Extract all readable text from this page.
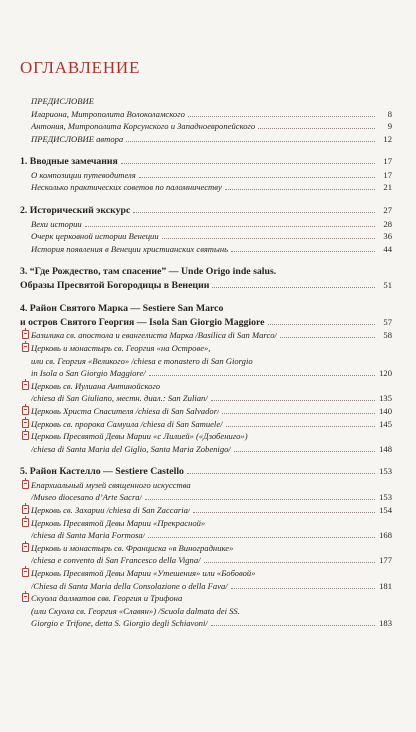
ОГЛАВЛЕНИЕ
ПРЕДИСЛОВИЕ
Илариона, Митрополита Волоколамского	8
Антония, Митрополита Корсунского и Западноевропейского	9
ПРЕДИСЛОВИЕ автора	12
1. Вводные замечания	17
О композиции путеводителя	17
Несколько практических советов по паломничеству	21
2. Исторический экскурс	27
Вехи истории	28
Очерк церковной истории Венеции	36
История появления в Венеции христианских святынь	44
3. “Где Рождество, там спасение” — Unde Origo inde salus.
Образы Пресвятой Богородицы в Венеции	51
4. Район Святого Марка — Sestiere San Marco
и остров Святого Георгия — Isola San Giorgio Maggiore	57
Базилика св. апостола и евангелиста Марка /Basilica di San Marco/	58
Церковь и монастырь св. Георгия «на Острове»,
или св. Георгия «Великого» /chiesa e monastero di San Giorgio
in Isola o San Giorgio Maggiore/	120
Церковь св. Иулиана Антинойского
/chiesa di San Giuliano, местн. диал.: San Zulian/	135
Церковь Христа Спасителя /chiesa di San Salvador/	140
Церковь св. пророка Самуила /chiesa di San Samuele/	145
Церковь Пресвятой Девы Марии «с Лилией» («Дзобениго»)
/chiesa di Santa Maria del Giglio, Santa Maria Zobenigo/	148
5. Район Кастелло — Sestiere Castello	153
Епархиальный музей священного искусства
/Museo diocesano d’Arte Sacra/	153
Церковь св. Захарии /chiesa di San Zaccaria/	154
Церковь Пресвятой Девы Марии «Прекрасной»
/chiesa di Santa Maria Formosa/	168
Церковь и монастырь св. Франциска «в Винограднике»
/chiesa e convento di San Francesco della Vigna/	177
Церковь Пресвятой Девы Марии «Утешения» или «Бобовой»
/Chiesa di Santa Maria della Consolazione o della Fava/	181
Скуола далматов свв. Георгия и Трифона
(или Скуола св. Георгия «Славян») /Scuola dalmata dei SS.
Giorgio e Trifone, detta S. Giorgio degli Schiavoni/	183
